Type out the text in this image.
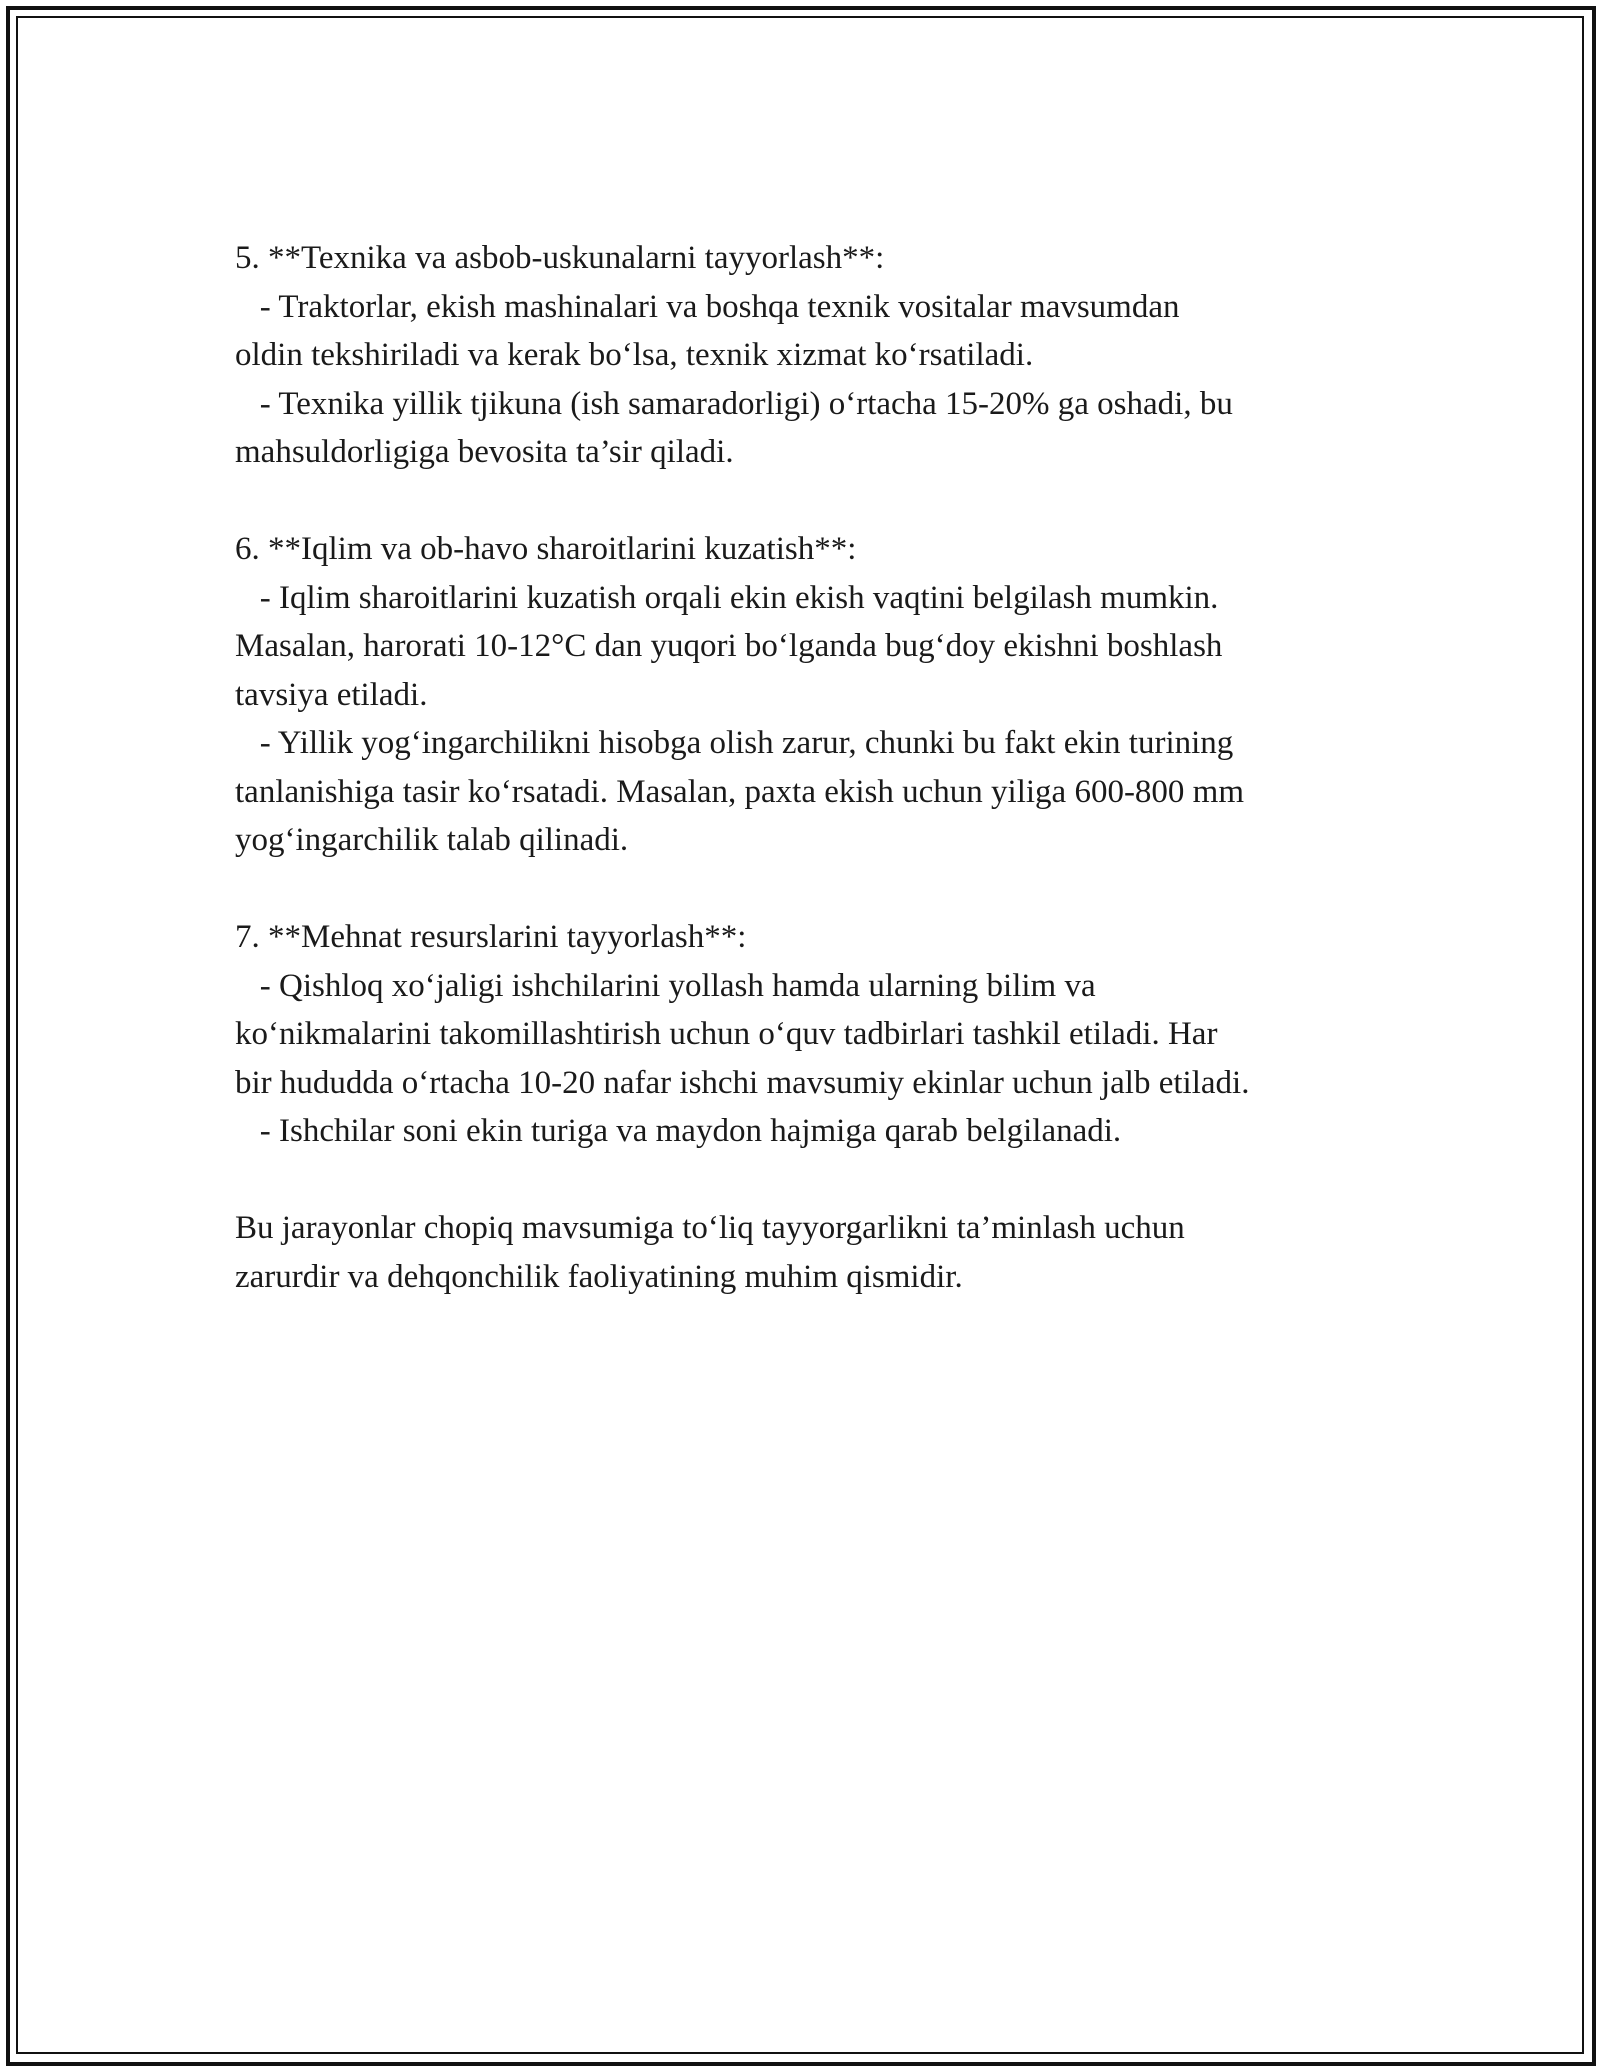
5. **Texnika va asbob-uskunalarni tayyorlash**:
- Traktorlar, ekish mashinalari va boshqa texnik vositalar mavsumdan
oldin tekshiriladi va kerak bo‘lsa, texnik xizmat ko‘rsatiladi.
- Texnika yillik tjikuna (ish samaradorligi) o‘rtacha 15-20% ga oshadi, bu
mahsuldorligiga bevosita ta’sir qiladi.
6. **Iqlim va ob-havo sharoitlarini kuzatish**:
- Iqlim sharoitlarini kuzatish orqali ekin ekish vaqtini belgilash mumkin.
Masalan, harorati 10-12°C dan yuqori bo‘lganda bug‘doy ekishni boshlash
tavsiya etiladi.
- Yillik yog‘ingarchilikni hisobga olish zarur, chunki bu fakt ekin turining
tanlanishiga tasir ko‘rsatadi. Masalan, paxta ekish uchun yiliga 600-800 mm
yog‘ingarchilik talab qilinadi.
7. **Mehnat resurslarini tayyorlash**:
- Qishloq xo‘jaligi ishchilarini yollash hamda ularning bilim va
ko‘nikmalarini takomillashtirish uchun o‘quv tadbirlari tashkil etiladi. Har
bir hududda o‘rtacha 10-20 nafar ishchi mavsumiy ekinlar uchun jalb etiladi.
- Ishchilar soni ekin turiga va maydon hajmiga qarab belgilanadi.
Bu jarayonlar chopiq mavsumiga to‘liq tayyorgarlikni ta’minlash uchun
zarurdir va dehqonchilik faoliyatining muhim qismidir.
